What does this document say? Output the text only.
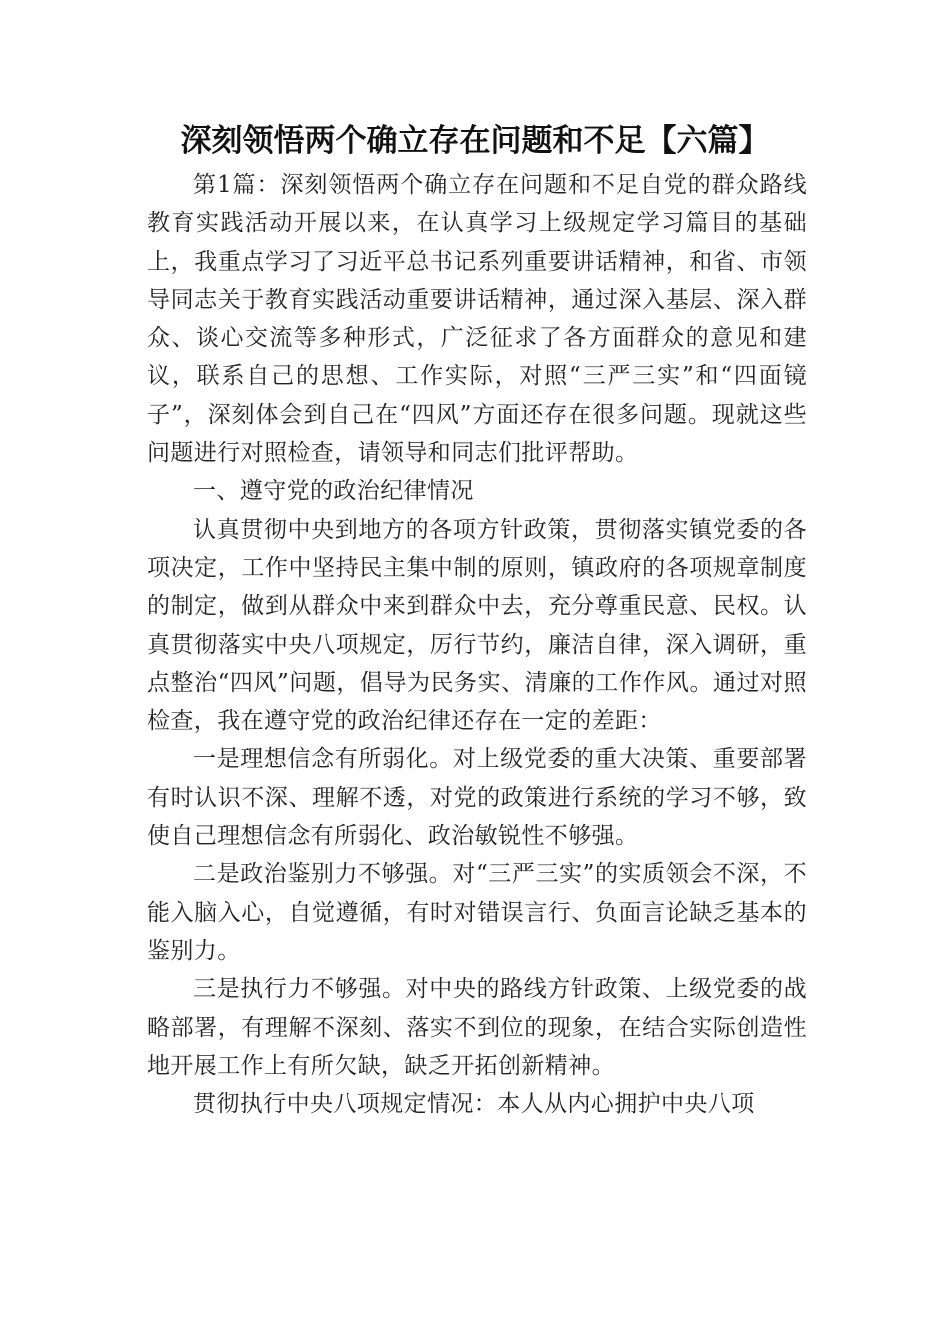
深刻领悟两个确立存在问题和不足【六篇】

第1篇：深刻领悟两个确立存在问题和不足自党的群众路线教育实践活动开展以来，在认真学习上级规定学习篇目的基础上，我重点学习了习近平总书记系列重要讲话精神，和省、市领导同志关于教育实践活动重要讲话精神，通过深入基层、深入群众、谈心交流等多种形式，广泛征求了各方面群众的意见和建议，联系自己的思想、工作实际，对照“三严三实”和“四面镜子”，深刻体会到自己在“四风”方面还存在很多问题。现就这些问题进行对照检查，请领导和同志们批评帮助。

一、遵守党的政治纪律情况

认真贯彻中央到地方的各项方针政策，贯彻落实镇党委的各项决定，工作中坚持民主集中制的原则，镇政府的各项规章制度的制定，做到从群众中来到群众中去，充分尊重民意、民权。认真贯彻落实中央八项规定，厉行节约，廉洁自律，深入调研，重点整治“四风”问题，倡导为民务实、清廉的工作作风。通过对照检查，我在遵守党的政治纪律还存在一定的差距：

一是理想信念有所弱化。对上级党委的重大决策、重要部署有时认识不深、理解不透，对党的政策进行系统的学习不够，致使自己理想信念有所弱化、政治敏锐性不够强。

二是政治鉴别力不够强。对“三严三实”的实质领会不深，不能入脑入心，自觉遵循，有时对错误言行、负面言论缺乏基本的鉴别力。

三是执行力不够强。对中央的路线方针政策、上级党委的战略部署，有理解不深刻、落实不到位的现象，在结合实际创造性地开展工作上有所欠缺，缺乏开拓创新精神。

贯彻执行中央八项规定情况：本人从内心拥护中央八项
